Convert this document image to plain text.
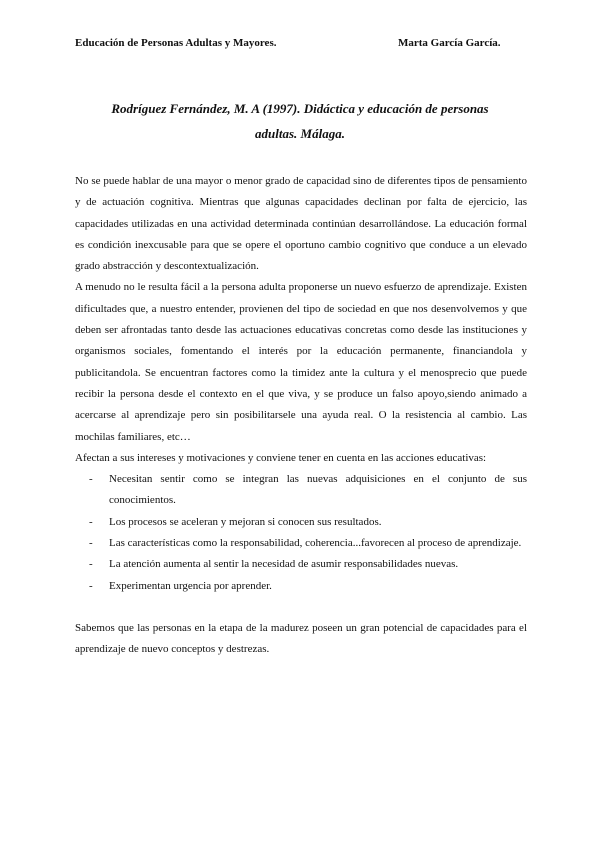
Educación de Personas Adultas y Mayores.	Marta García García.
Rodríguez Fernández, M. A (1997). Didáctica y educación de personas
adultas. Málaga.

No se puede hablar de una mayor o menor grado de capacidad sino de diferentes tipos de pensamiento y de actuación cognitiva. Mientras que algunas capacidades declinan por falta de ejercicio, las capacidades utilizadas en una actividad determinada continúan desarrollándose. La educación formal es condición inexcusable para que se opere el oportuno cambio cognitivo que conduce a un elevado grado abstracción y descontextualización.

A menudo no le resulta fácil a la persona adulta proponerse un nuevo esfuerzo de aprendizaje. Existen dificultades que, a nuestro entender, provienen del tipo de sociedad en que nos desenvolvemos y que deben ser afrontadas tanto desde las actuaciones educativas concretas como desde las instituciones y organismos sociales, fomentando el interés por la educación permanente, financiandola y publicitandola. Se encuentran factores como la timidez ante la cultura y el menosprecio que puede recibir la persona desde el contexto en el que viva, y se produce un falso apoyo,siendo animado a acercarse al aprendizaje pero sin posibilitarsele una ayuda real. O la resistencia al cambio. Las mochilas familiares, etc…

Afectan a sus intereses y motivaciones y conviene tener en cuenta en las acciones educativas:

- Necesitan sentir como se integran las nuevas adquisiciones en el conjunto de sus conocimientos.
- Los procesos se aceleran y mejoran si conocen sus resultados.
- Las características como la responsabilidad, coherencia...favorecen al proceso de aprendizaje.
- La atención aumenta al sentir la necesidad de asumir responsabilidades nuevas.
- Experimentan urgencia por aprender.

Sabemos que las personas en la etapa de la madurez poseen un gran potencial de capacidades para el aprendizaje de nuevo conceptos y destrezas.
